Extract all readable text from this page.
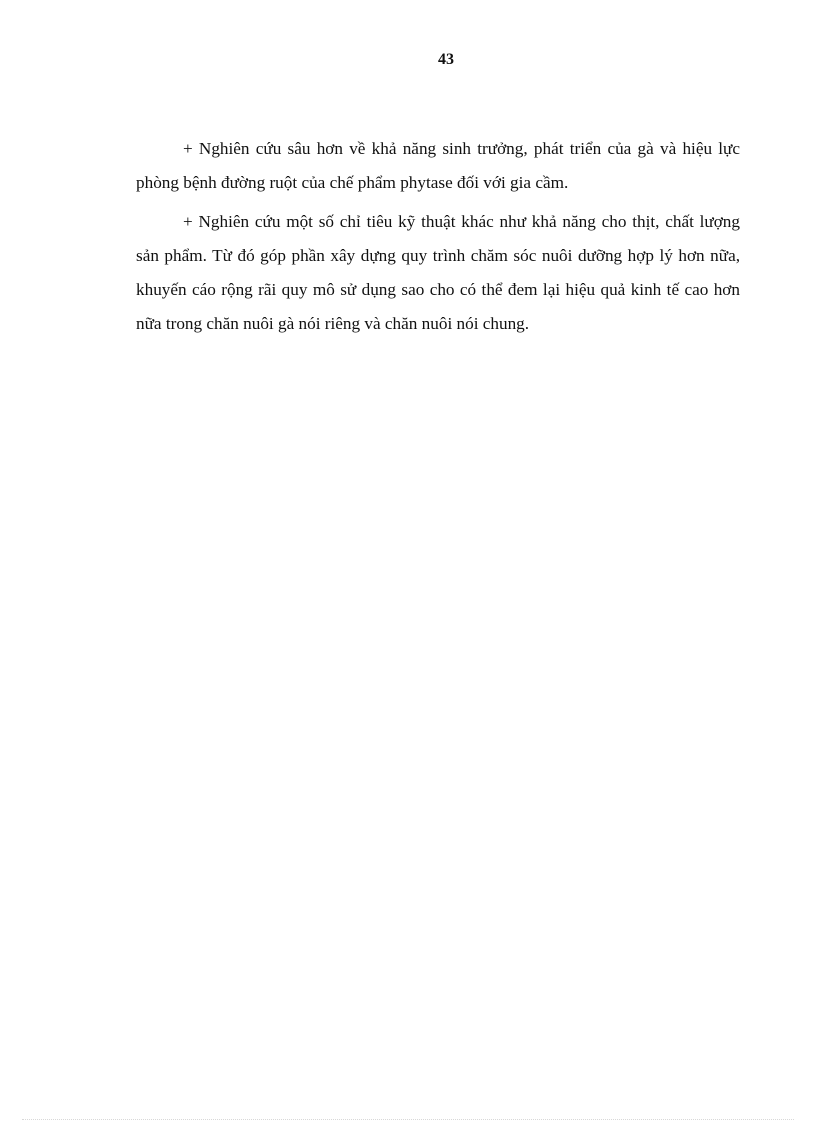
43

+ Nghiên cứu sâu hơn về khả năng sinh trưởng, phát triển của gà và hiệu lực phòng bệnh đường ruột của chế phẩm phytase đối với gia cầm.

+ Nghiên cứu một số chỉ tiêu kỹ thuật khác như khả năng cho thịt, chất lượng sản phẩm. Từ đó góp phần xây dựng quy trình chăm sóc nuôi dưỡng hợp lý hơn nữa, khuyến cáo rộng rãi quy mô sử dụng sao cho có thể đem lại hiệu quả kinh tế cao hơn nữa trong chăn nuôi gà nói riêng và chăn nuôi nói chung.
